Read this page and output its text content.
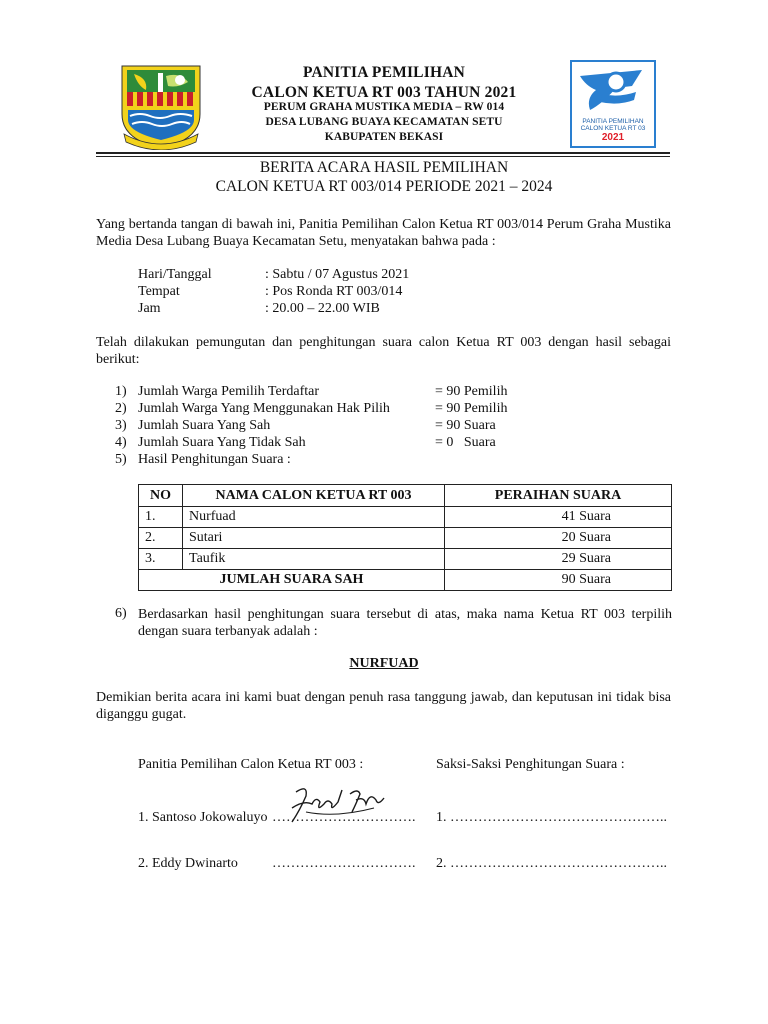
PANITIA PEMILIHAN
CALON KETUA RT 003 TAHUN 2021
PERUM GRAHA MUSTIKA MEDIA – RW 014
DESA LUBANG BUAYA KECAMATAN SETU
KABUPATEN BEKASI
PANITIA PEMILIHAN
CALON KETUA RT 03
2021
BERITA ACARA HASIL PEMILIHAN
CALON KETUA RT 003/014 PERIODE 2021 – 2024
Yang bertanda tangan di bawah ini, Panitia Pemilihan Calon Ketua RT 003/014 Perum Graha Mustika Media Desa Lubang Buaya Kecamatan Setu, menyatakan bahwa pada :
Hari/Tanggal	: Sabtu / 07 Agustus 2021
Tempat	: Pos Ronda RT 003/014
Jam	: 20.00 – 22.00 WIB
Telah dilakukan pemungutan dan penghitungan suara calon Ketua RT 003 dengan hasil sebagai berikut:
1) Jumlah Warga Pemilih Terdaftar	= 90 Pemilih
2) Jumlah Warga Yang Menggunakan Hak Pilih	= 90 Pemilih
3) Jumlah Suara Yang Sah	= 90 Suara
4) Jumlah Suara Yang Tidak Sah	= 0   Suara
5) Hasil Penghitungan Suara :
NO	NAMA CALON KETUA RT 003	PERAIHAN SUARA
1.	Nurfuad	41 Suara
2.	Sutari	20 Suara
3.	Taufik	29 Suara
JUMLAH SUARA SAH		90 Suara
6) Berdasarkan hasil penghitungan suara tersebut di atas, maka nama Ketua RT 003 terpilih dengan suara terbanyak adalah :
NURFUAD
Demikian berita acara ini kami buat dengan penuh rasa tanggung jawab, dan keputusan ini tidak bisa diganggu gugat.
Panitia Pemilihan Calon Ketua RT 003 :	Saksi-Saksi Penghitungan Suara :
1. Santoso Jokowaluyo …………………………. 1. ………………………………………..
2. Eddy Dwinarto …………………………. 2. ………………………………………..
